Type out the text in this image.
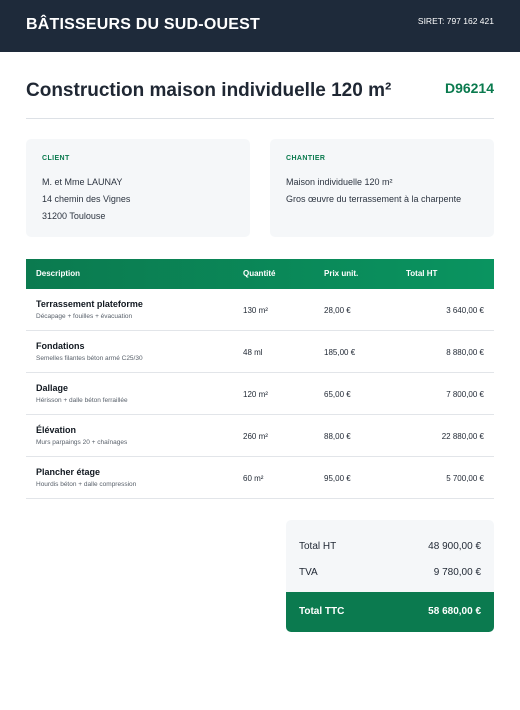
BÂTISSEURS DU SUD-OUEST	SIRET: 797 162 421
Construction maison individuelle 120 m²	D96214
CLIENT
M. et Mme LAUNAY
14 chemin des Vignes
31200 Toulouse
CHANTIER
Maison individuelle 120 m²
Gros œuvre du terrassement à la charpente
Description	Quantité	Prix unit.	Total HT
Terrassement plateforme
Décapage + fouilles + évacuation
130 m²	28,00 €	3 640,00 €
Fondations
Semelles filantes béton armé C25/30
48 ml	185,00 €	8 880,00 €
Dallage
Hérisson + dalle béton ferraillée
120 m²	65,00 €	7 800,00 €
Élévation
Murs parpaings 20 + chaînages
260 m²	88,00 €	22 880,00 €
Plancher étage
Hourdis béton + dalle compression
60 m²	95,00 €	5 700,00 €
Total HT	48 900,00 €
TVA	9 780,00 €
Total TTC	58 680,00 €
